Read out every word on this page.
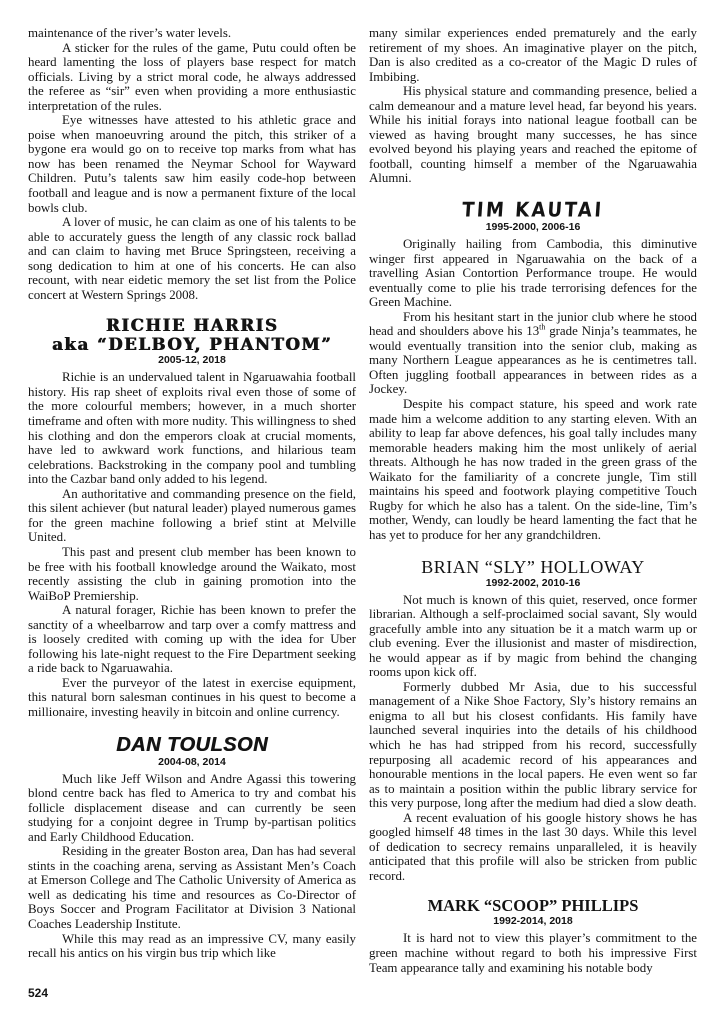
maintenance of the river’s water levels.

A sticker for the rules of the game, Putu could often be heard lamenting the loss of players base respect for match officials. Living by a strict moral code, he always addressed the referee as “sir” even when providing a more enthusiastic interpretation of the rules.

Eye witnesses have attested to his athletic grace and poise when manoeuvring around the pitch, this striker of a bygone era would go on to receive top marks from what has now has been renamed the Neymar School for Wayward Children. Putu’s talents saw him easily code-hop between football and league and is now a permanent fixture of the local bowls club.

A lover of music, he can claim as one of his talents to be able to accurately guess the length of any classic rock ballad and can claim to having met Bruce Springsteen, receiving a song dedication to him at one of his concerts. He can also recount, with near eidetic memory the set list from the Police concert at Western Springs 2008.

RICHIE HARRIS
aka “DELBOY, PHANTOM”
2005-12, 2018

Richie is an undervalued talent in Ngaruawahia football history. His rap sheet of exploits rival even those of some of the more colourful members; however, in a much shorter timeframe and often with more nudity. This willingness to shed his clothing and don the emperors cloak at crucial moments, have led to awkward work functions, and hilarious team celebrations. Backstroking in the company pool and tumbling into the Cazbar band only added to his legend.

An authoritative and commanding presence on the field, this silent achiever (but natural leader) played numerous games for the green machine following a brief stint at Melville United.

This past and present club member has been known to be free with his football knowledge around the Waikato, most recently assisting the club in gaining promotion into the WaiBoP Premiership.

A natural forager, Richie has been known to prefer the sanctity of a wheelbarrow and tarp over a comfy mattress and is loosely credited with coming up with the idea for Uber following his late-night request to the Fire Department seeking a ride back to Ngaruawahia.

Ever the purveyor of the latest in exercise equipment, this natural born salesman continues in his quest to become a millionaire, investing heavily in bitcoin and online currency.

DAN TOULSON
2004-08, 2014

Much like Jeff Wilson and Andre Agassi this towering blond centre back has fled to America to try and combat his follicle displacement disease and can currently be seen studying for a conjoint degree in Trump by-partisan politics and Early Childhood Education.

Residing in the greater Boston area, Dan has had several stints in the coaching arena, serving as Assistant Men’s Coach at Emerson College and The Catholic University of America as well as dedicating his time and resources as Co-Director of Boys Soccer and Program Facilitator at Division 3 National Coaches Leadership Institute.

While this may read as an impressive CV, many easily recall his antics on his virgin bus trip which like

many similar experiences ended prematurely and the early retirement of my shoes. An imaginative player on the pitch, Dan is also credited as a co-creator of the Magic D rules of Imbibing.

His physical stature and commanding presence, belied a calm demeanour and a mature level head, far beyond his years. While his initial forays into national league football can be viewed as having brought many successes, he has since evolved beyond his playing years and reached the epitome of football, counting himself a member of the Ngaruawahia Alumni.

TIM KAUTAI
1995-2000, 2006-16

Originally hailing from Cambodia, this diminutive winger first appeared in Ngaruawahia on the back of a travelling Asian Contortion Performance troupe. He would eventually come to plie his trade terrorising defences for the Green Machine.

From his hesitant start in the junior club where he stood head and shoulders above his 13th grade Ninja’s teammates, he would eventually transition into the senior club, making as many Northern League appearances as he is centimetres tall. Often juggling football appearances in between rides as a Jockey.

Despite his compact stature, his speed and work rate made him a welcome addition to any starting eleven. With an ability to leap far above defences, his goal tally includes many memorable headers making him the most unlikely of aerial threats. Although he has now traded in the green grass of the Waikato for the familiarity of a concrete jungle, Tim still maintains his speed and footwork playing competitive Touch Rugby for which he also has a talent. On the side-line, Tim’s mother, Wendy, can loudly be heard lamenting the fact that he has yet to produce for her any grandchildren.

BRIAN “SLY” HOLLOWAY
1992-2002, 2010-16

Not much is known of this quiet, reserved, once former librarian. Although a self-proclaimed social savant, Sly would gracefully amble into any situation be it a match warm up or club evening. Ever the illusionist and master of misdirection, he would appear as if by magic from behind the changing rooms upon kick off.

Formerly dubbed Mr Asia, due to his successful management of a Nike Shoe Factory, Sly’s history remains an enigma to all but his closest confidants. His family have launched several inquiries into the details of his childhood which he has had stripped from his record, successfully repurposing all academic record of his appearances and honourable mentions in the local papers. He even went so far as to maintain a position within the public library service for this very purpose, long after the medium had died a slow death.

A recent evaluation of his google history shows he has googled himself 48 times in the last 30 days. While this level of dedication to secrecy remains unparalleled, it is heavily anticipated that this profile will also be stricken from public record.

MARK “SCOOP” PHILLIPS
1992-2014, 2018

It is hard not to view this player’s commitment to the green machine without regard to both his impressive First Team appearance tally and examining his notable body

524
